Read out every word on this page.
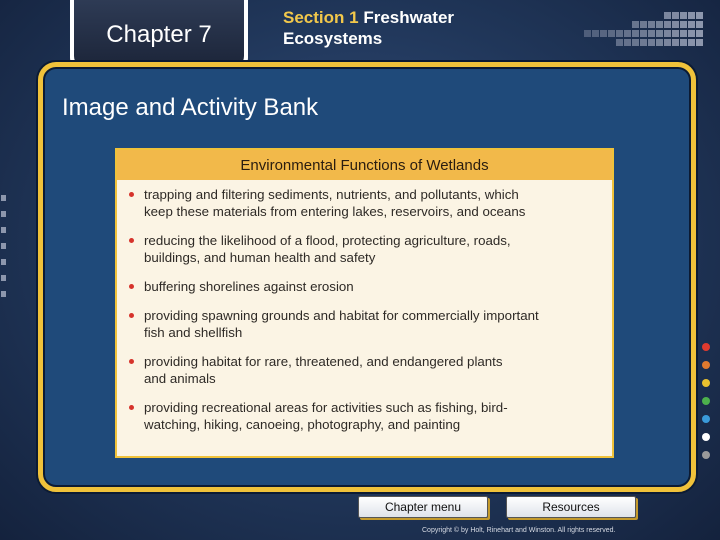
Chapter 7
Section 1 Freshwater
Ecosystems
Image and Activity Bank
Environmental Functions of Wetlands
trapping and filtering sediments, nutrients, and pollutants, which
keep these materials from entering lakes, reservoirs, and oceans
reducing the likelihood of a flood, protecting agriculture, roads,
buildings, and human health and safety
buffering shorelines against erosion
providing spawning grounds and habitat for commercially important
fish and shellfish
providing habitat for rare, threatened, and endangered plants
and animals
providing recreational areas for activities such as fishing, bird-
watching, hiking, canoeing, photography, and painting
Chapter menu	Resources
Copyright © by Holt, Rinehart and Winston. All rights reserved.
